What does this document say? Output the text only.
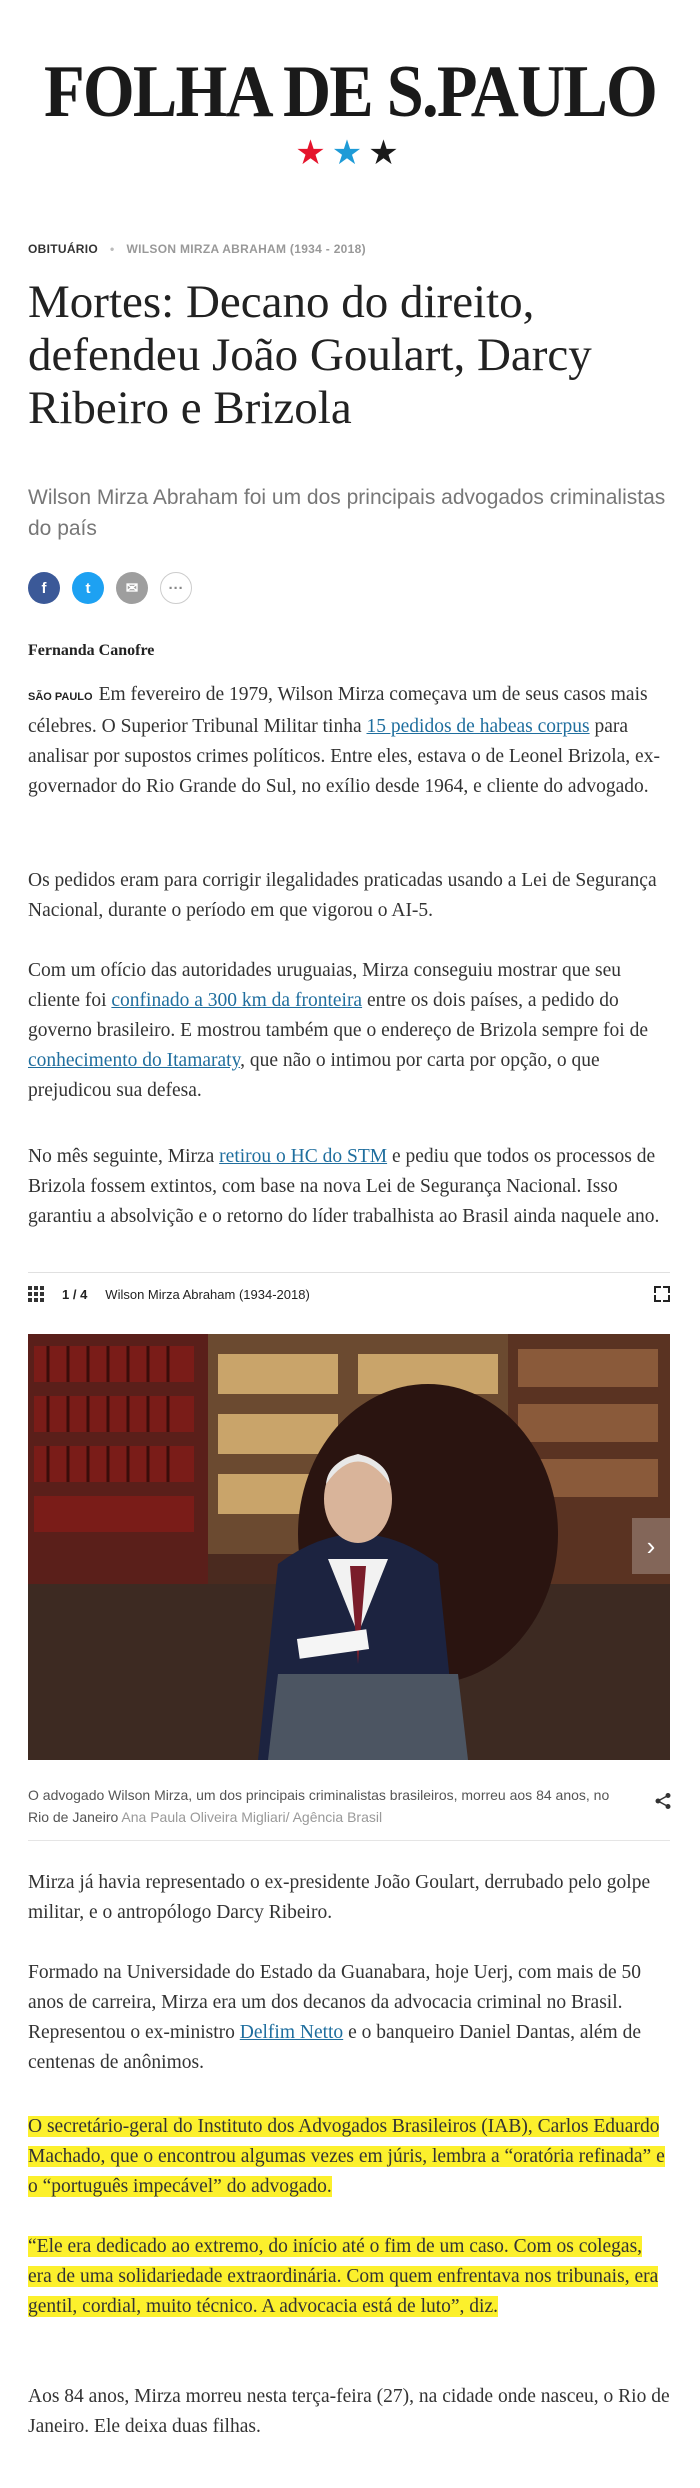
FOLHA DE S.PAULO
★★★
OBITUÁRIO • WILSON MIRZA ABRAHAM (1934 - 2018)
Mortes: Decano do direito, defendeu João Goulart, Darcy Ribeiro e Brizola
Wilson Mirza Abraham foi um dos principais advogados criminalistas do país
f	t ✉ ···
Fernanda Canofre

SÃO PAULO Em fevereiro de 1979, Wilson Mirza começava um de seus casos mais célebres. O Superior Tribunal Militar tinha 15 pedidos de habeas corpus para analisar por supostos crimes políticos. Entre eles, estava o de Leonel Brizola, ex-governador do Rio Grande do Sul, no exílio desde 1964, e cliente do advogado.

Os pedidos eram para corrigir ilegalidades praticadas usando a Lei de Segurança Nacional, durante o período em que vigorou o AI-5.

Com um ofício das autoridades uruguaias, Mirza conseguiu mostrar que seu cliente foi confinado a 300 km da fronteira entre os dois países, a pedido do governo brasileiro. E mostrou também que o endereço de Brizola sempre foi de conhecimento do Itamaraty, que não o intimou por carta por opção, o que prejudicou sua defesa.

No mês seguinte, Mirza retirou o HC do STM e pediu que todos os processos de Brizola fossem extintos, com base na nova Lei de Segurança Nacional. Isso garantiu a absolvição e o retorno do líder trabalhista ao Brasil ainda naquele ano.

1 / 4 Wilson Mirza Abraham (1934-2018)
›
O advogado Wilson Mirza, um dos principais criminalistas brasileiros, morreu aos 84 anos, no Rio de Janeiro Ana Paula Oliveira Migliari/ Agência Brasil

Mirza já havia representado o ex-presidente João Goulart, derrubado pelo golpe militar, e o antropólogo Darcy Ribeiro.

Formado na Universidade do Estado da Guanabara, hoje Uerj, com mais de 50 anos de carreira, Mirza era um dos decanos da advocacia criminal no Brasil. Representou o ex-ministro Delfim Netto e o banqueiro Daniel Dantas, além de centenas de anônimos.

O secretário-geral do Instituto dos Advogados Brasileiros (IAB), Carlos Eduardo Machado, que o encontrou algumas vezes em júris, lembra a “oratória refinada” e o “português impecável” do advogado.

“Ele era dedicado ao extremo, do início até o fim de um caso. Com os colegas, era de uma solidariedade extraordinária. Com quem enfrentava nos tribunais, era gentil, cordial, muito técnico. A advocacia está de luto”, diz.

Aos 84 anos, Mirza morreu nesta terça-feira (27), na cidade onde nasceu, o Rio de Janeiro. Ele deixa duas filhas.
